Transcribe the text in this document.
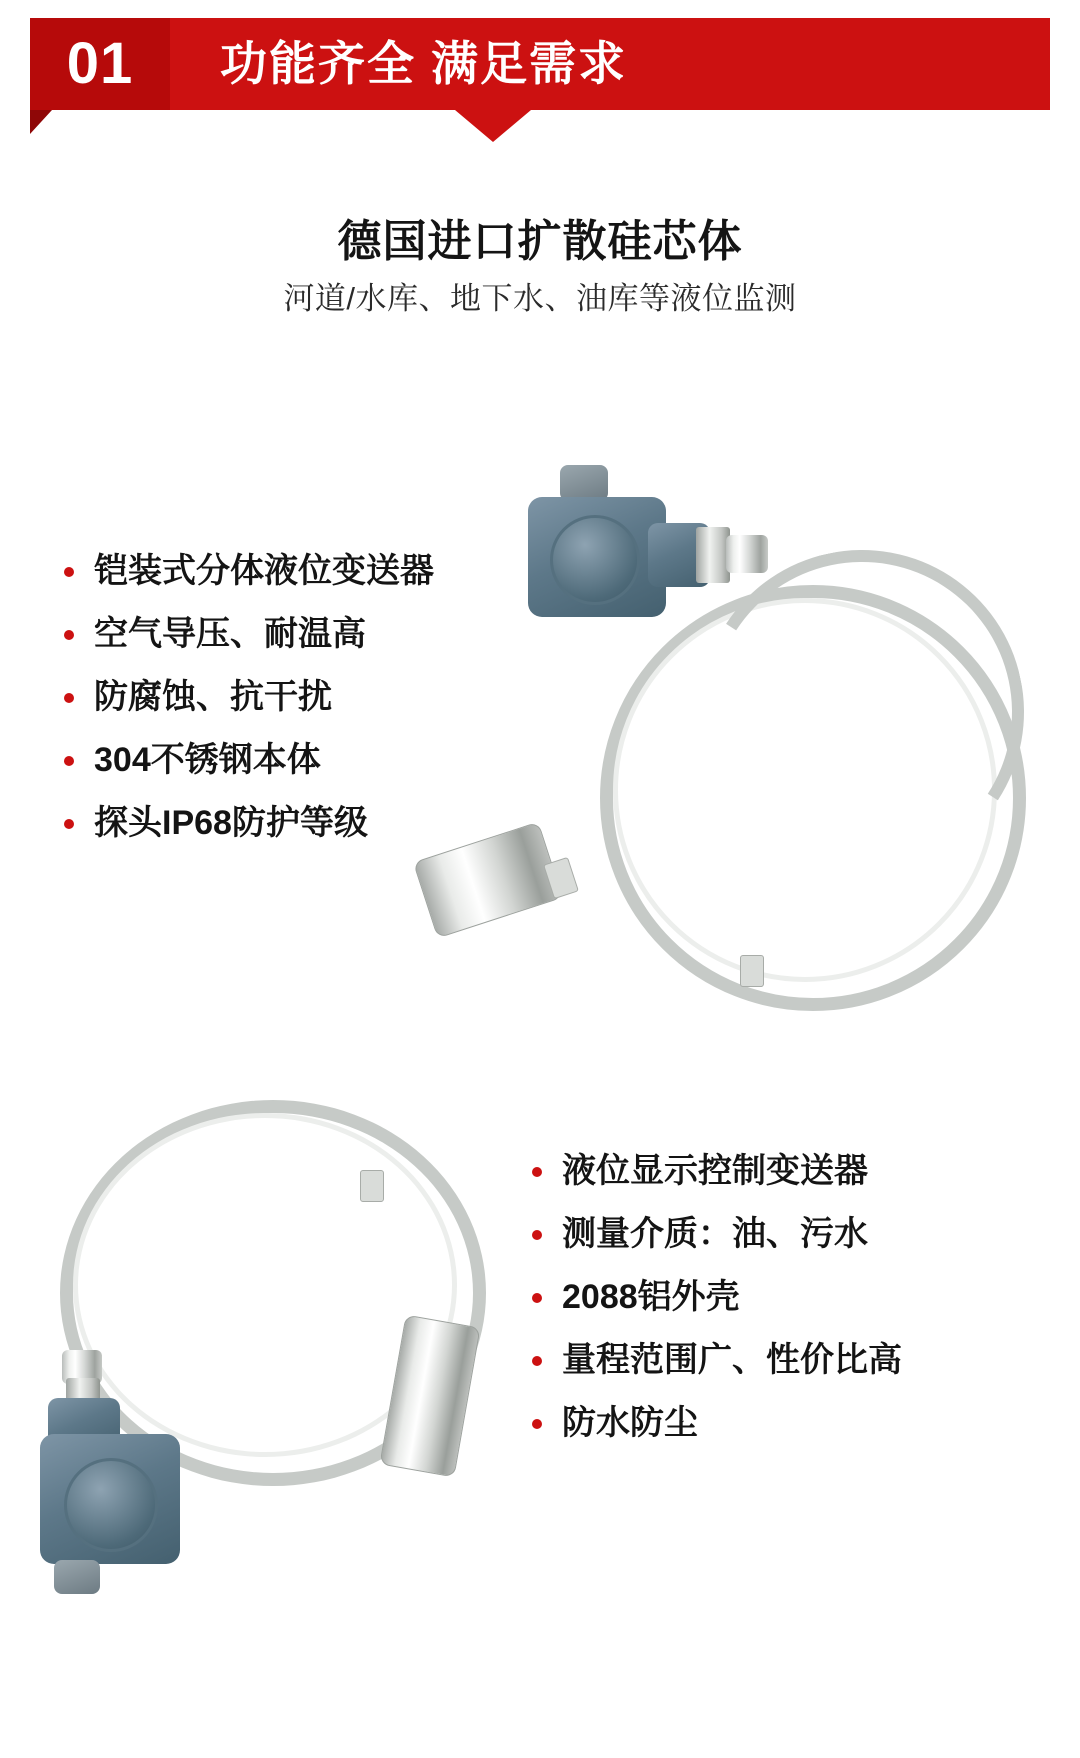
01	功能齐全 满足需求
德国进口扩散硅芯体
河道/水库、地下水、油库等液位监测
铠装式分体液位变送器
空气导压、耐温高
防腐蚀、抗干扰
304不锈钢本体
探头IP68防护等级
液位显示控制变送器
测量介质：油、污水
2088铝外壳
量程范围广、性价比高
防水防尘
